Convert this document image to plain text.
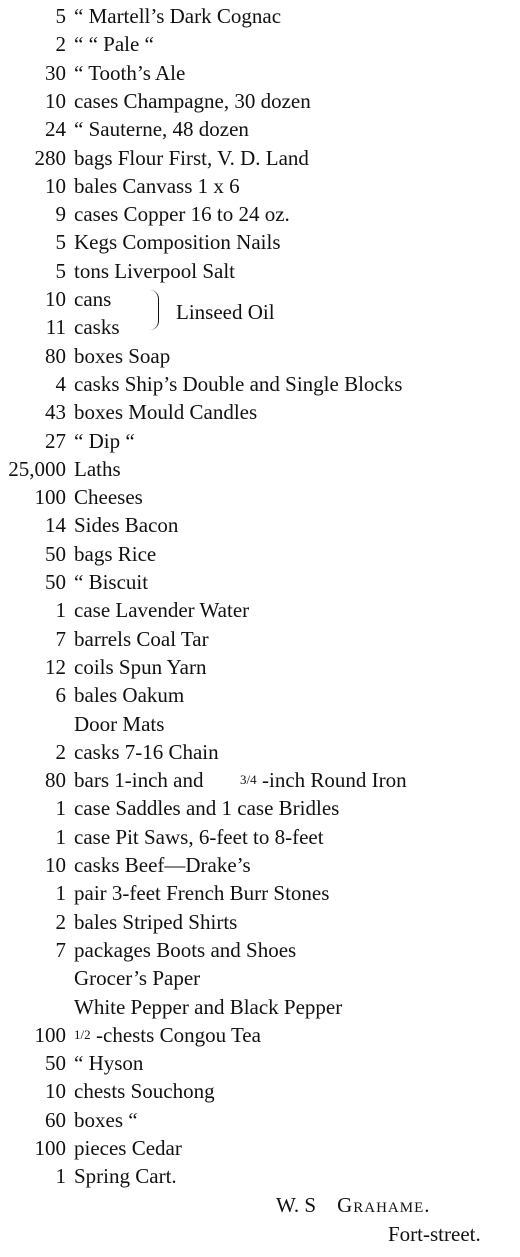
5 “ Martell’s Dark Cognac
2 “ “ Pale “
30 “ Tooth’s Ale
10 cases Champagne, 30 dozen
24 “ Sauterne, 48 dozen
280 bags Flour First, V. D. Land
10 bales Canvass 1 x 6
9 cases Copper 16 to 24 oz.
5 Kegs Composition Nails
5 tons Liverpool Salt
10 cans
11 casks
80 boxes Soap
4 casks Ship’s Double and Single Blocks
43 boxes Mould Candles
27 “ Dip “
25,000 Laths
100 Cheeses
14 Sides Bacon
50 bags Rice
50 “ Biscuit
1 case Lavender Water
7 barrels Coal Tar
12 coils Spun Yarn
6 bales Oakum
Door Mats
2 casks 7-16 Chain
80 bars 1-inch and	3/4 -inch Round Iron
1 case Saddles and 1 case Bridles
1 case Pit Saws, 6-feet to 8-feet
10 casks Beef—Drake’s
1 pair 3-feet French Burr Stones
2 bales Striped Shirts
7 packages Boots and Shoes
Grocer’s Paper
White Pepper and Black Pepper
100 -chests Congou Tea
1/2
50 “ Hyson
10 chests Souchong
60 boxes “
100 pieces Cedar
1 Spring Cart.
Linseed Oil
W. S Grahame.
Fort-street.
